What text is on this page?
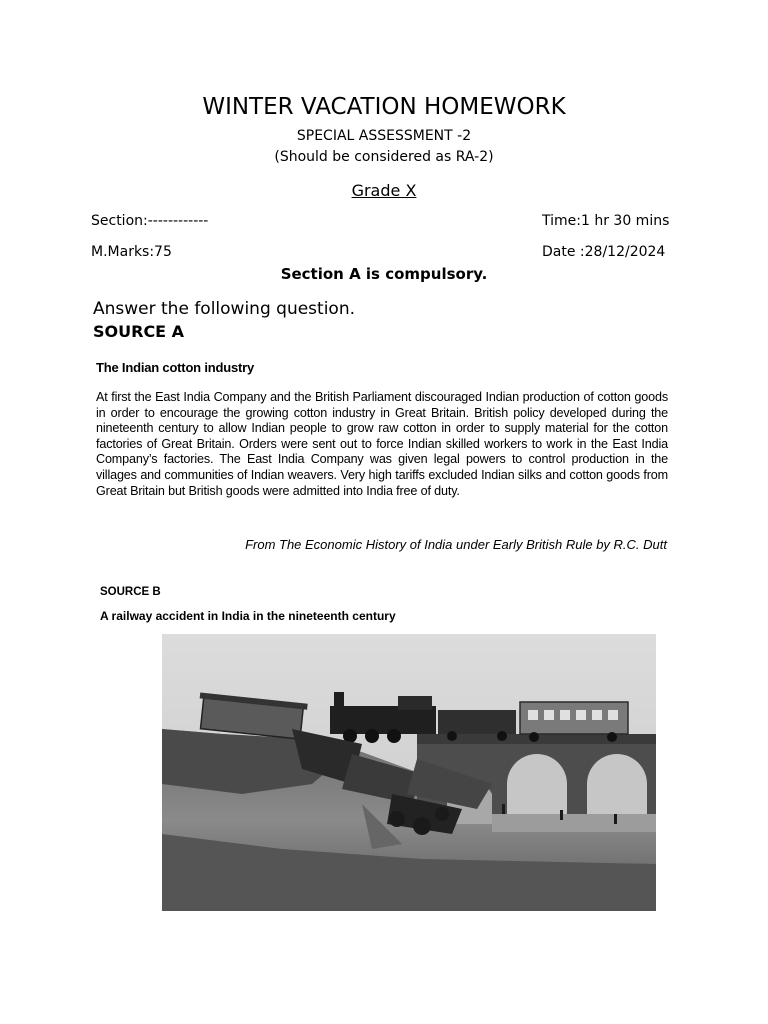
WINTER VACATION HOMEWORK
SPECIAL ASSESSMENT -2
(Should be considered as RA-2)
Grade X
Section:------------	Time:1 hr 30 mins
M.Marks:75	Date :28/12/2024
Section A is compulsory.
Answer the following question.
SOURCE A
The Indian cotton industry
At first the East India Company and the British Parliament discouraged Indian production of cotton goods in order to encourage the growing cotton industry in Great Britain. British policy developed during the nineteenth century to allow Indian people to grow raw cotton in order to supply material for the cotton factories of Great Britain. Orders were sent out to force Indian skilled workers to work in the East India Company’s factories. The East India Company was given legal powers to control production in the villages and communities of Indian weavers. Very high tariffs excluded Indian silks and cotton goods from Great Britain but British goods were admitted into India free of duty.
From The Economic History of India under Early British Rule by R.C. Dutt
SOURCE B
A railway accident in India in the nineteenth century
